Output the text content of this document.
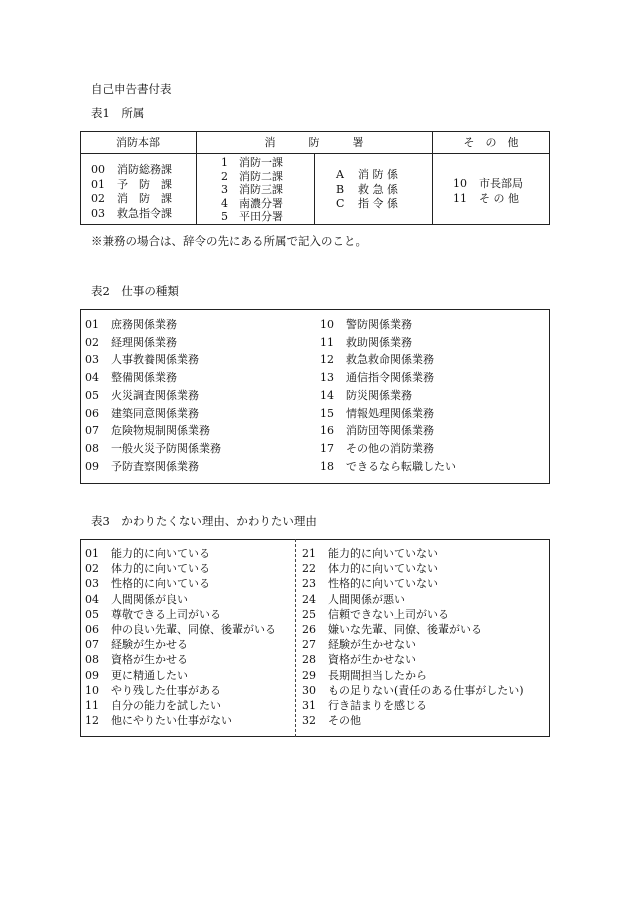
自己申告書付表
表1　所属
消防本部	消　　　防　　　署	そ　の　他
00 消防総務課
01 予　防　課
02 消　防　課
03 救急指令課
1 消防一課
2 消防二課
3 消防三課
4 南濃分署
5 平田分署
A 消 防 係
B 救 急 係
C 指 令 係
10 市長部局
11 そ の 他
※兼務の場合は、辞令の先にある所属で記入のこと。
表2　仕事の種類
01 庶務関係業務
02 経理関係業務
03 人事教養関係業務
04 整備関係業務
05 火災調査関係業務
06 建築同意関係業務
07 危険物規制関係業務
08 一般火災予防関係業務
09 予防査察関係業務
10 警防関係業務
11 救助関係業務
12 救急救命関係業務
13 通信指令関係業務
14 防災関係業務
15 情報処理関係業務
16 消防団等関係業務
17 その他の消防業務
18 できるなら転職したい
表3　かわりたくない理由、かわりたい理由
01 能力的に向いている
02 体力的に向いている
03 性格的に向いている
04 人間関係が良い
05 尊敬できる上司がいる
06 仲の良い先輩、同僚、後輩がいる
07 経験が生かせる
08 資格が生かせる
09 更に精通したい
10 やり残した仕事がある
11 自分の能力を試したい
12 他にやりたい仕事がない
21 能力的に向いていない
22 体力的に向いていない
23 性格的に向いていない
24 人間関係が悪い
25 信頼できない上司がいる
26 嫌いな先輩、同僚、後輩がいる
27 経験が生かせない
28 資格が生かせない
29 長期間担当したから
30 もの足りない(責任のある仕事がしたい)
31 行き詰まりを感じる
32 その他
